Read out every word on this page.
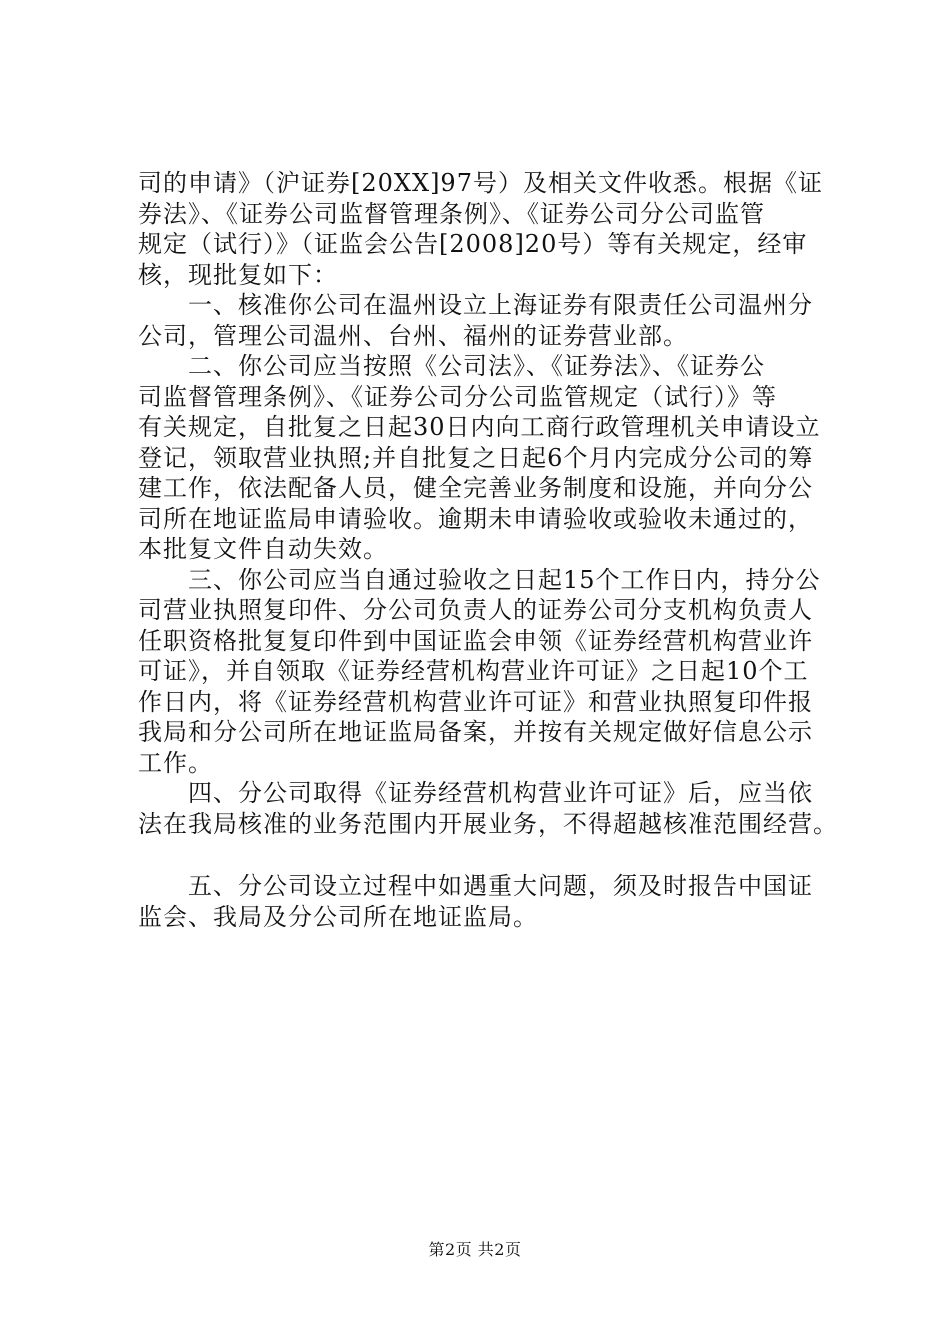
司的申请》（沪证券[20XX]97号）及相关文件收悉。根据《证
券法》、《证券公司监督管理条例》、《证券公司分公司监管
规定（试行）》（证监会公告[2008]20号）等有关规定，经审
核，现批复如下：
　　一、核准你公司在温州设立上海证券有限责任公司温州分
公司，管理公司温州、台州、福州的证券营业部。
　　二、你公司应当按照《公司法》、《证券法》、《证券公
司监督管理条例》、《证券公司分公司监管规定（试行）》等
有关规定，自批复之日起30日内向工商行政管理机关申请设立
登记，领取营业执照;并自批复之日起6个月内完成分公司的筹
建工作，依法配备人员，健全完善业务制度和设施，并向分公
司所在地证监局申请验收。逾期未申请验收或验收未通过的，
本批复文件自动失效。
　　三、你公司应当自通过验收之日起15个工作日内，持分公
司营业执照复印件、分公司负责人的证券公司分支机构负责人
任职资格批复复印件到中国证监会申领《证券经营机构营业许
可证》，并自领取《证券经营机构营业许可证》之日起10个工
作日内，将《证券经营机构营业许可证》和营业执照复印件报
我局和分公司所在地证监局备案，并按有关规定做好信息公示
工作。
　　四、分公司取得《证券经营机构营业许可证》后，应当依
法在我局核准的业务范围内开展业务，不得超越核准范围经营。
　　五、分公司设立过程中如遇重大问题，须及时报告中国证
监会、我局及分公司所在地证监局。
第2页 共2页
